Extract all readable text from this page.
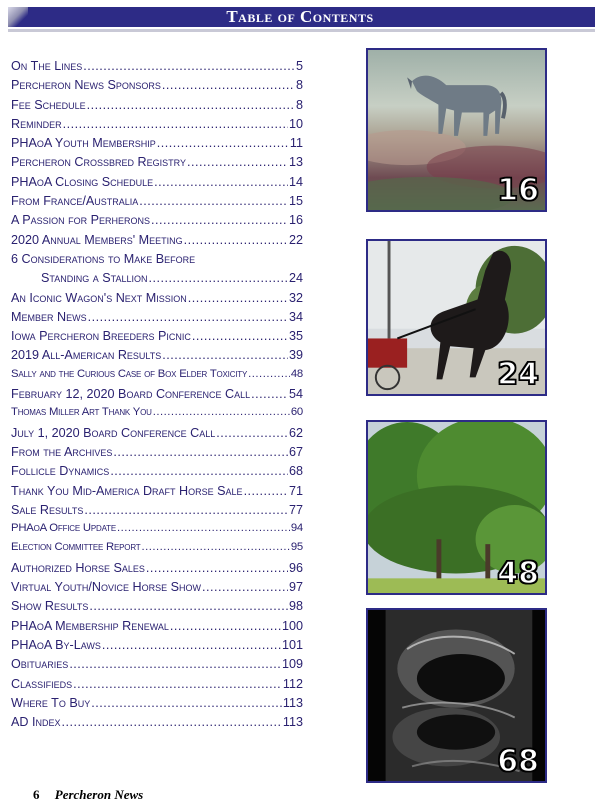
Table of Contents
On The Lines .....	5
Percheron News Sponsors .....	8
Fee Schedule .....	8
Reminder .....	10
PHAoA Youth Membership .....	11
Percheron Crossbred Registry .....	13
PHAoA Closing Schedule .....	14
From France/Australia .....	15
A Passion for Perherons .....	16
2020 Annual Members' Meeting .....	22
6 Considerations to Make Before
Standing a Stallion .....	24
An Iconic Wagon's Next Mission .....	32
Member News .....	34
Iowa Percheron Breeders Picnic .....	35
2019 All-American Results .....	39
Sally and the Curious Case of Box Elder Toxicity .....	48
February 12, 2020 Board Conference Call .....	54
Thomas Miller Art Thank You .....	60
July 1, 2020 Board Conference Call .....	62
From the Archives .....	67
Follicle Dynamics .....	68
Thank You Mid-America Draft Horse Sale .....	71
Sale Results .....	77
PHAoA Office Update .....	94
Election Committee Report .....	95
Authorized Horse Sales .....	96
Virtual Youth/Novice Horse Show .....	97
Show Results .....	98
PHAoA Membership Renewal .....	100
PHAoA By-Laws .....	101
Obituaries .....	109
Classifieds .....	112
Where To Buy .....	113
AD Index .....	113
16
24
48
68
6 Percheron News
